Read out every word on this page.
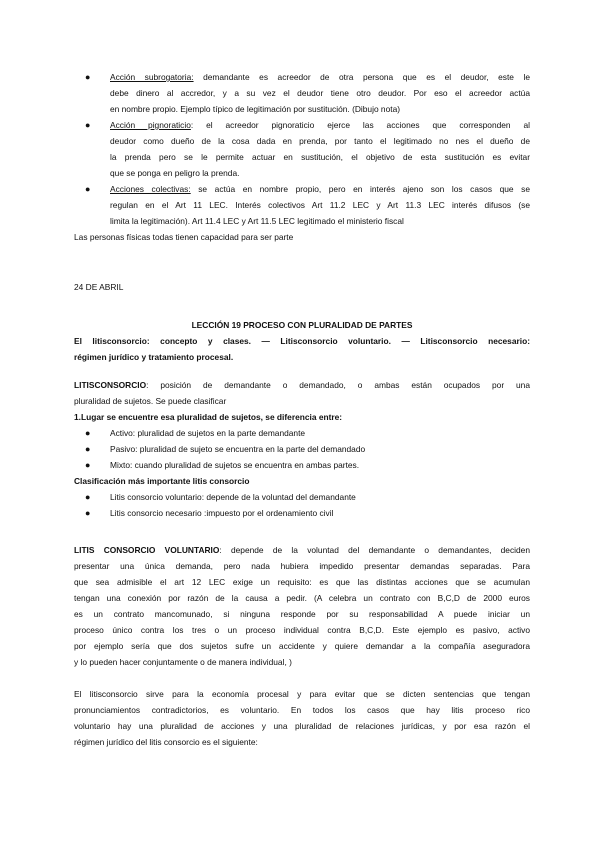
● Acción subrogatoria: demandante es acreedor de otra persona que es el deudor, este le
debe dinero al accredor, y a su vez el deudor tiene otro deudor. Por eso el acreedor actúa
en nombre propio. Ejemplo típico de legitimación por sustitución. (Dibujo nota)
● Acción pignoraticio: el acreedor pignoraticio ejerce las acciones que corresponden al
deudor como dueño de la cosa dada en prenda, por tanto el legitimado no nes el dueño de
la prenda pero se le permite actuar en sustitución, el objetivo de esta sustitución es evitar
que se ponga en peligro la prenda.
● Acciones colectivas: se actúa en nombre propio, pero en interés ajeno son los casos que se
regulan en el Art 11 LEC. Interés colectivos Art 11.2 LEC y Art 11.3 LEC interés difusos (se
limita la legitimación). Art 11.4 LEC y Art 11.5 LEC legitimado el ministerio fiscal
Las personas físicas todas tienen capacidad para ser parte
24 DE ABRIL
LECCIÓN 19 PROCESO CON PLURALIDAD DE PARTES
El litisconsorcio: concepto y clases. — Litisconsorcio voluntario. — Litisconsorcio necesario:
régimen jurídico y tratamiento procesal.
LITISCONSORCIO: posición de demandante o demandado, o ambas están ocupados por una
pluralidad de sujetos. Se puede clasificar
1.Lugar se encuentre esa pluralidad de sujetos, se diferencia entre:
● Activo: pluralidad de sujetos en la parte demandante
● Pasivo: pluralidad de sujeto se encuentra en la parte del demandado
● Mixto: cuando pluralidad de sujetos se encuentra en ambas partes.
Clasificación más importante litis consorcio
● Litis consorcio voluntario: depende de la voluntad del demandante
● Litis consorcio necesario :impuesto por el ordenamiento civil
LITIS CONSORCIO VOLUNTARIO: depende de la voluntad del demandante o demandantes, deciden
presentar una única demanda, pero nada hubiera impedido presentar demandas separadas. Para
que sea admisible el art 12 LEC exige un requisito: es que las distintas acciones que se acumulan
tengan una conexión por razón de la causa a pedir. (A celebra un contrato con B,C,D de 2000 euros
es un contrato mancomunado, si ninguna responde por su responsabilidad A puede iniciar un
proceso único contra los tres o un proceso individual contra B,C,D. Este ejemplo es pasivo, activo
por ejemplo sería que dos sujetos sufre un accidente y quiere demandar a la compañía aseguradora
y lo pueden hacer conjuntamente o de manera individual, )
El litisconsorcio sirve para la economía procesal y para evitar que se dicten sentencias que tengan
pronunciamientos contradictorios, es voluntario. En todos los casos que hay litis proceso rico
voluntario hay una pluralidad de acciones y una pluralidad de relaciones jurídicas, y por esa razón el
régimen jurídico del litis consorcio es el siguiente:
